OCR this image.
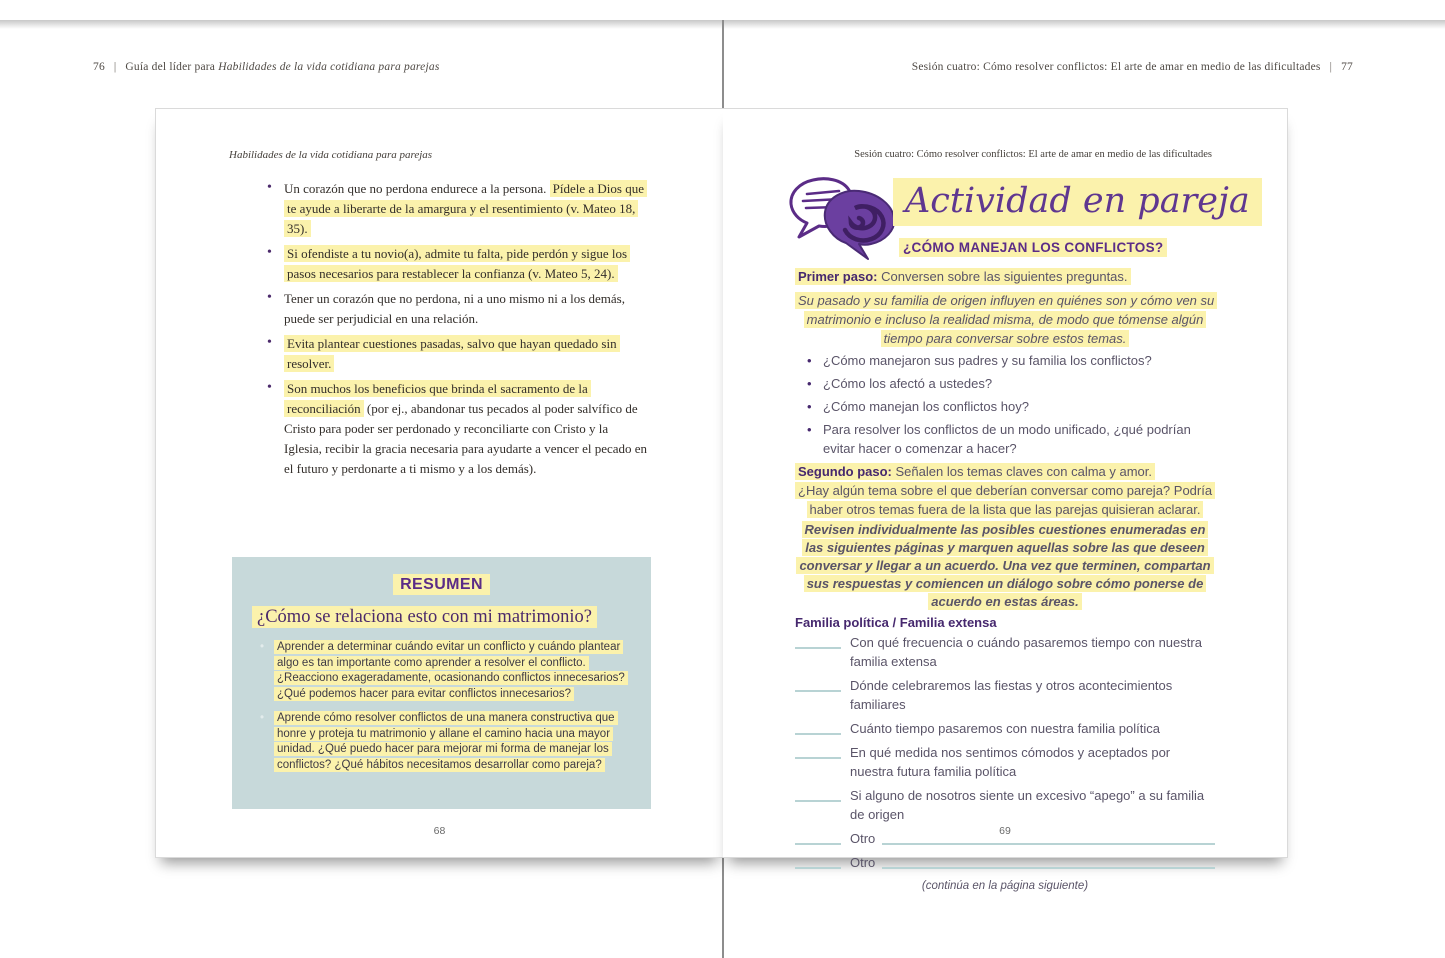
76 | Guía del líder para Habilidades de la vida cotidiana para parejas	Sesión cuatro: Cómo resolver conflictos: El arte de amar en medio de las dificultades | 77
Habilidades de la vida cotidiana para parejas
• Un corazón que no perdona endurece a la persona. Pídele a Dios que te ayude a liberarte de la amargura y el resentimiento (v. Mateo 18, 35).
• Si ofendiste a tu novio(a), admite tu falta, pide perdón y sigue los pasos necesarios para restablecer la confianza (v. Mateo 5, 24).
• Tener un corazón que no perdona, ni a uno mismo ni a los demás, puede ser perjudicial en una relación.
• Evita plantear cuestiones pasadas, salvo que hayan quedado sin resolver.
• Son muchos los beneficios que brinda el sacramento de la reconciliación (por ej., abandonar tus pecados al poder salvífico de Cristo para poder ser perdonado y reconciliarte con Cristo y la Iglesia, recibir la gracia necesaria para ayudarte a vencer el pecado en el futuro y perdonarte a ti mismo y a los demás).
RESUMEN
¿Cómo se relaciona esto con mi matrimonio?
• Aprender a determinar cuándo evitar un conflicto y cuándo plantear algo es tan importante como aprender a resolver el conflicto. ¿Reacciono exageradamente, ocasionando conflictos innecesarios? ¿Qué podemos hacer para evitar conflictos innecesarios?
• Aprende cómo resolver conflictos de una manera constructiva que honre y proteja tu matrimonio y allane el camino hacia una mayor unidad. ¿Qué puedo hacer para mejorar mi forma de manejar los conflictos? ¿Qué hábitos necesitamos desarrollar como pareja?
68
Sesión cuatro: Cómo resolver conflictos: El arte de amar en medio de las dificultades
Actividad en pareja
¿CÓMO MANEJAN LOS CONFLICTOS?
Primer paso: Conversen sobre las siguientes preguntas.
Su pasado y su familia de origen influyen en quiénes son y cómo ven su matrimonio e incluso la realidad misma, de modo que tómense algún tiempo para conversar sobre estos temas.
• ¿Cómo manejaron sus padres y su familia los conflictos?
• ¿Cómo los afectó a ustedes?
• ¿Cómo manejan los conflictos hoy?
• Para resolver los conflictos de un modo unificado, ¿qué podrían evitar hacer o comenzar a hacer?
Segundo paso: Señalen los temas claves con calma y amor.
¿Hay algún tema sobre el que deberían conversar como pareja? Podría haber otros temas fuera de la lista que las parejas quisieran aclarar.
Revisen individualmente las posibles cuestiones enumeradas en las siguientes páginas y marquen aquellas sobre las que deseen conversar y llegar a un acuerdo. Una vez que terminen, compartan sus respuestas y comiencen un diálogo sobre cómo ponerse de acuerdo en estas áreas.
Familia política / Familia extensa
Con qué frecuencia o cuándo pasaremos tiempo con nuestra familia extensa
Dónde celebraremos las fiestas y otros acontecimientos familiares
Cuánto tiempo pasaremos con nuestra familia política
En qué medida nos sentimos cómodos y aceptados por nuestra futura familia política
Si alguno de nosotros siente un excesivo “apego” a su familia de origen
Otro
Otro
(continúa en la página siguiente)
69
